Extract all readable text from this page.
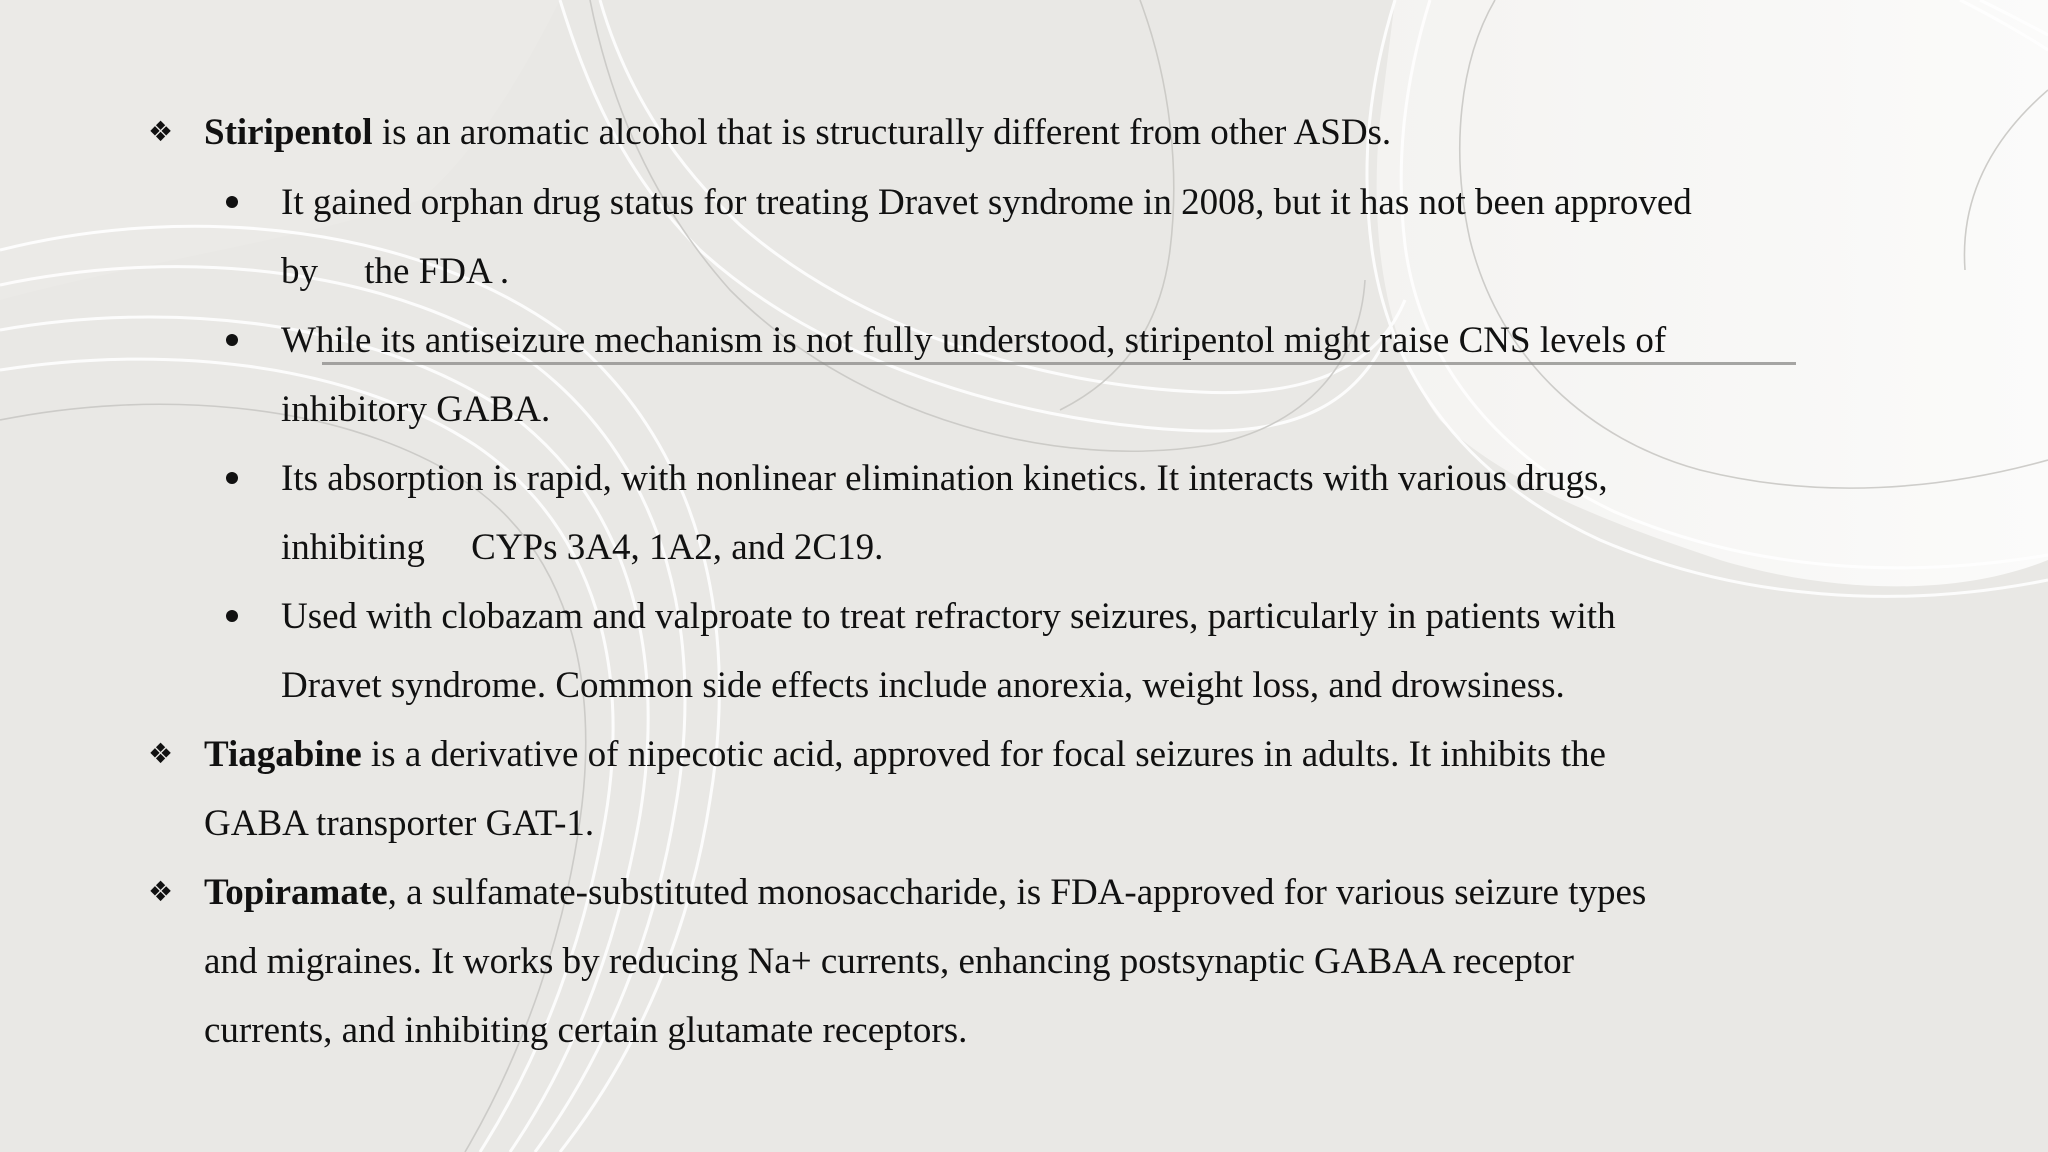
❖ Stiripentol is an aromatic alcohol that is structurally different from other ASDs.
It gained orphan drug status for treating Dravet syndrome in 2008, but it has not been approved
by     the FDA .
While its antiseizure mechanism is not fully understood, stiripentol might raise CNS levels of
inhibitory GABA.
Its absorption is rapid, with nonlinear elimination kinetics. It interacts with various drugs,
inhibiting     CYPs 3A4, 1A2, and 2C19.
Used with clobazam and valproate to treat refractory seizures, particularly in patients with
Dravet syndrome. Common side effects include anorexia, weight loss, and drowsiness.
❖ Tiagabine is a derivative of nipecotic acid, approved for focal seizures in adults. It inhibits the
GABA transporter GAT-1.
❖ Topiramate, a sulfamate-substituted monosaccharide, is FDA-approved for various seizure types
and migraines. It works by reducing Na+ currents, enhancing postsynaptic GABAA receptor
currents, and inhibiting certain glutamate receptors.
